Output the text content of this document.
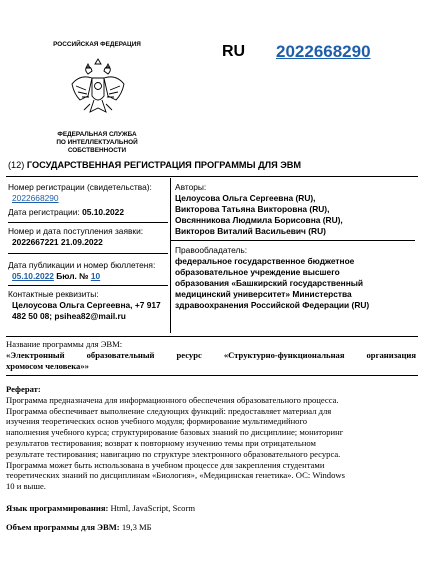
РОССИЙСКАЯ ФЕДЕРАЦИЯ
ФЕДЕРАЛЬНАЯ СЛУЖБА
ПО ИНТЕЛЛЕКТУАЛЬНОЙ СОБСТВЕННОСТИ
RU 2022668290
(12) ГОСУДАРСТВЕННАЯ РЕГИСТРАЦИЯ ПРОГРАММЫ ДЛЯ ЭВМ
Номер регистрации (свидетельства):
2022668290
Дата регистрации: 05.10.2022
Номер и дата поступления заявки:
2022667221 21.09.2022
Дата публикации и номер бюллетеня:
05.10.2022 Бюл. № 10
Контактные реквизиты:
Целоусова Ольга Сергеевна, +7 917
482 50 08; psihea82@mail.ru
Авторы:
Целоусова Ольга Сергеевна (RU),
Викторова Татьяна Викторовна (RU),
Овсянникова Людмила Борисовна (RU),
Викторов Виталий Васильевич (RU)
Правообладатель:
федеральное государственное бюджетное
образовательное учреждение высшего
образования «Башкирский государственный
медицинский университет» Министерства
здравоохранения Российской Федерации (RU)
Название программы для ЭВМ:
«Электронный образовательный ресурс «Структурно-функциональная организация
хромосом человека»»
Реферат:
Программа предназначена для информационного обеспечения образовательного процесса.
Программа обеспечивает выполнение следующих функций: предоставляет материал для
изучения теоретических основ учебного модуля; формирование мультимедийного
наполнения учебного курса; структурирование базовых знаний по дисциплине; мониторинг
результатов тестирования; возврат к повторному изучению темы при отрицательном
результате тестирования; навигацию по структуре электронного образовательного ресурса.
Программа может быть использована в учебном процессе для закрепления студентами
теоретических знаний по дисциплинам «Биология», «Медицинская генетика». ОС: Windows
10 и выше.
Язык программирования: Html, JavaScript, Scorm
Объем программы для ЭВМ: 19,3 МБ
